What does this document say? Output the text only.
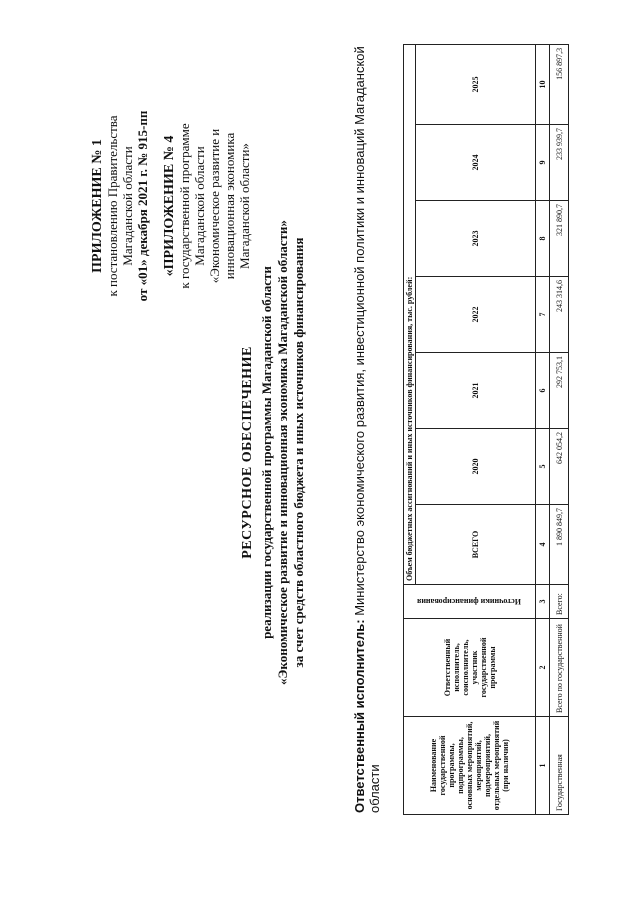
ПРИЛОЖЕНИЕ № 1 к постановлению Правительства Магаданской области от «01» декабря 2021 г. № 915-пп «ПРИЛОЖЕНИЕ № 4 к государственной программе Магаданской области «Экономическое развитие и инновационная экономика Магаданской области»
РЕСУРСНОЕ ОБЕСПЕЧЕНИЕ реализации государственной программы Магаданской области «Экономическое развитие и инновационная экономика Магаданской области» за счет средств областного бюджета и иных источников финансирования
Ответственный исполнитель: Министерство экономического развития, инвестиционной политики и инноваций Магаданской области	Наименование государственной программы, подпрограммы, основных мероприятий, мероприятий, подмероприятий, отдельных мероприятий (при наличии)	Ответственный исполнитель, соисполнитель, участник государственной программы	Источники финансирования	Объем бюджетных ассигнований и иных источников финансирования, тыс. рублей:						
			ВСЕГО	2020	2021	2022	2023	2024	2025
1	2	3	4	5	6	7	8	9	10
Государственная	Всего по государственной	Всего:	1 890 849,7	642 054,2	292 753,1	243 314,6	321 890,7	233 939,7	156 897,3
